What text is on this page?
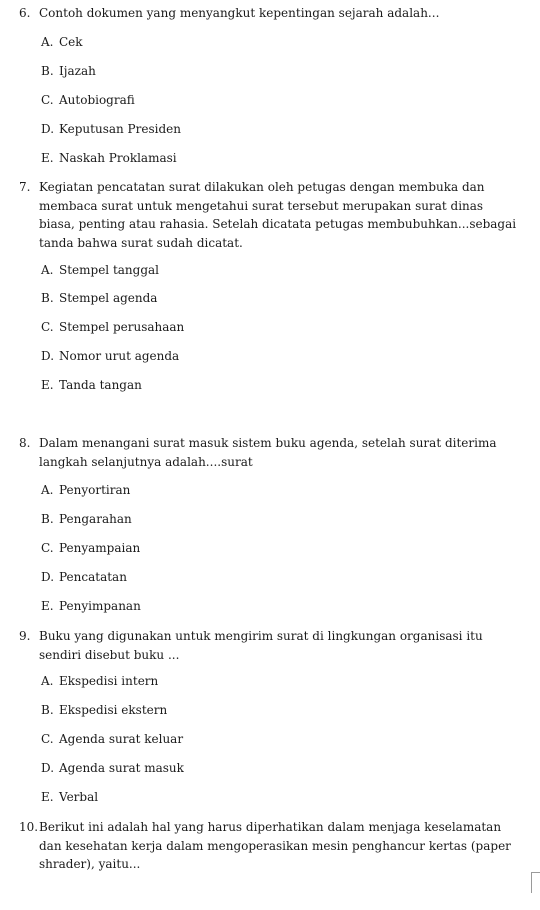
6. Contoh dokumen yang menyangkut kepentingan sejarah adalah...
A. Cek
B. Ijazah
C. Autobiografi
D. Keputusan Presiden
E. Naskah Proklamasi
7. Kegiatan pencatatan surat dilakukan oleh petugas dengan membuka dan membaca surat untuk mengetahui surat tersebut merupakan surat dinas biasa, penting atau rahasia. Setelah dicatata petugas membubuhkan...sebagai tanda bahwa surat sudah dicatat.
A. Stempel tanggal
B. Stempel agenda
C. Stempel perusahaan
D. Nomor urut agenda
E. Tanda tangan
8. Dalam menangani surat masuk sistem buku agenda, setelah surat diterima langkah selanjutnya adalah....surat
A. Penyortiran
B. Pengarahan
C. Penyampaian
D. Pencatatan
E. Penyimpanan
9. Buku yang digunakan untuk mengirim surat di lingkungan organisasi itu sendiri disebut buku ...
A. Ekspedisi intern
B. Ekspedisi ekstern
C. Agenda surat keluar
D. Agenda surat masuk
E. Verbal
10. Berikut ini adalah hal yang harus diperhatikan dalam menjaga keselamatan dan kesehatan kerja dalam mengoperasikan mesin penghancur kertas (paper shrader), yaitu...
